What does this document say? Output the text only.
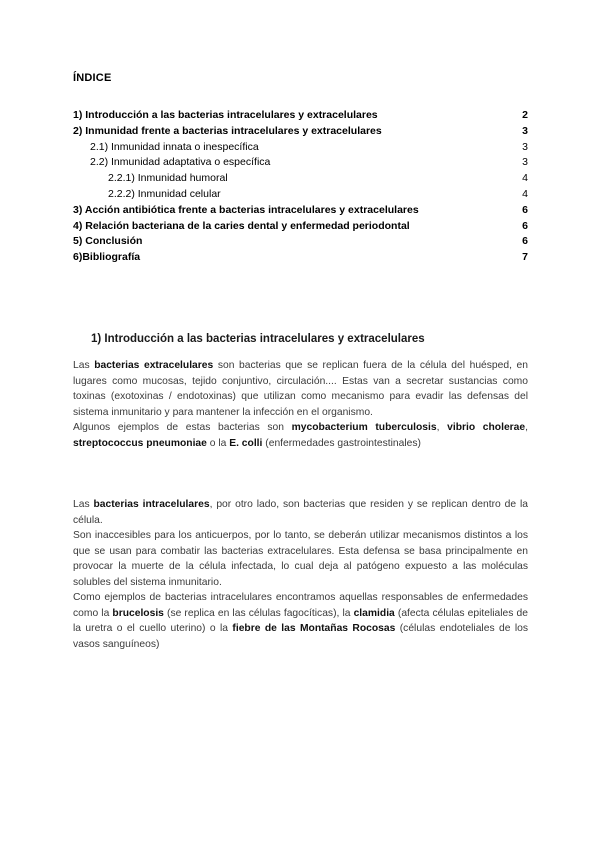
ÍNDICE
1) Introducción a las bacterias intracelulares y extracelulares	2
2) Inmunidad frente a bacterias intracelulares y extracelulares	3
2.1) Inmunidad innata o inespecífica	3
2.2) Inmunidad adaptativa o específica	3
2.2.1) Inmunidad humoral	4
2.2.2) Inmunidad celular	4
3) Acción antibiótica frente a bacterias intracelulares y extracelulares	6
4) Relación bacteriana de la caries dental y enfermedad periodontal	6
5) Conclusión	6
6)Bibliografía	7
1) Introducción a las bacterias intracelulares y extracelulares

Las bacterias extracelulares son bacterias que se replican fuera de la célula del huésped, en lugares como mucosas, tejido conjuntivo, circulación.... Estas van a secretar sustancias como toxinas (exotoxinas / endotoxinas) que utilizan como mecanismo para evadir las defensas del sistema inmunitario y para mantener la infección en el organismo.

Algunos ejemplos de estas bacterias son mycobacterium tuberculosis, vibrio cholerae, streptococcus pneumoniae o la E. colli (enfermedades gastrointestinales)

Las bacterias intracelulares, por otro lado, son bacterias que residen y se replican dentro de la célula.

Son inaccesibles para los anticuerpos, por lo tanto, se deberán utilizar mecanismos distintos a los que se usan para combatir las bacterias extracelulares. Esta defensa se basa principalmente en provocar la muerte de la célula infectada, lo cual deja al patógeno expuesto a las moléculas solubles del sistema inmunitario.

Como ejemplos de bacterias intracelulares encontramos aquellas responsables de enfermedades como la brucelosis (se replica en las células fagocíticas), la clamidia (afecta células epiteliales de la uretra o el cuello uterino) o la fiebre de las Montañas Rocosas (células endoteliales de los vasos sanguíneos)
